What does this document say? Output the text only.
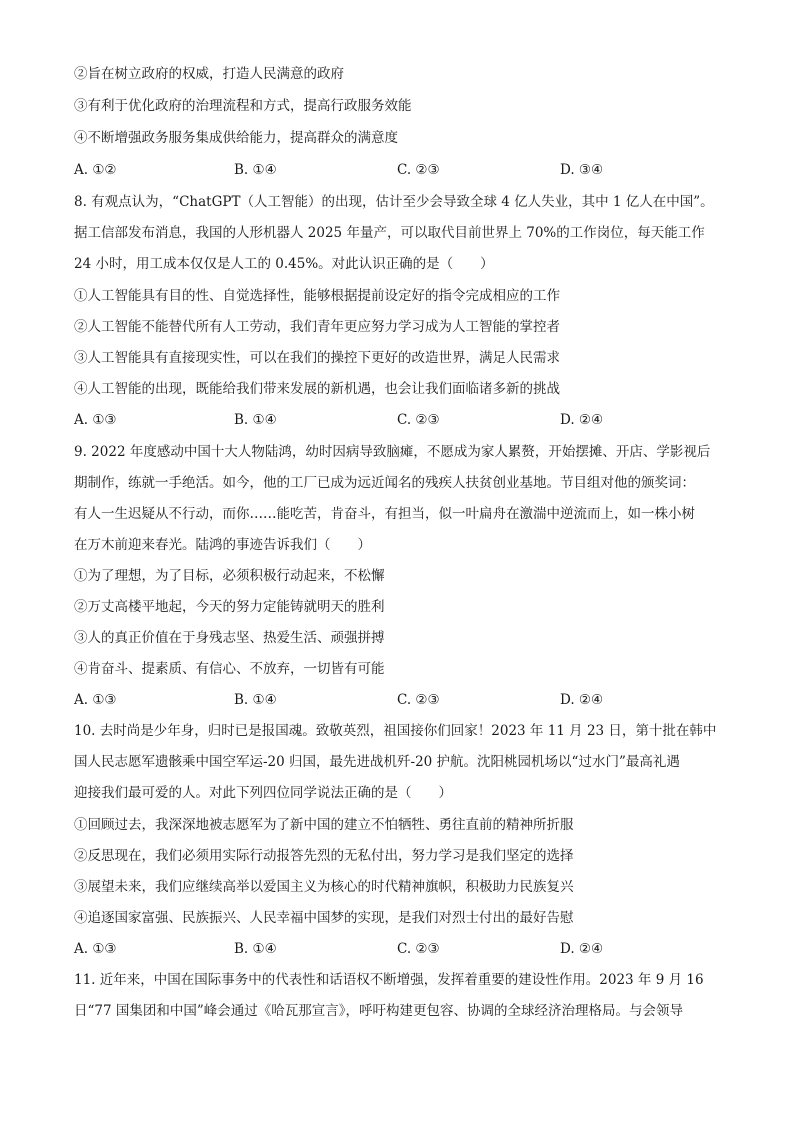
②旨在树立政府的权威，打造人民满意的政府
③有利于优化政府的治理流程和方式，提高行政服务效能
④不断增强政务服务集成供给能力，提高群众的满意度
A. ①②	B. ①④	C. ②③	D. ③④
8. 有观点认为，“ChatGPT（人工智能）的出现，估计至少会导致全球 4 亿人失业，其中 1 亿人在中国”。
据工信部发布消息，我国的人形机器人 2025 年量产，可以取代目前世界上 70%的工作岗位，每天能工作
24 小时，用工成本仅仅是人工的 0.45%。对此认识正确的是（　　）
①人工智能具有目的性、自觉选择性，能够根据提前设定好的指令完成相应的工作
②人工智能不能替代所有人工劳动，我们青年更应努力学习成为人工智能的掌控者
③人工智能具有直接现实性，可以在我们的操控下更好的改造世界，满足人民需求
④人工智能的出现，既能给我们带来发展的新机遇，也会让我们面临诸多新的挑战
A. ①③	B. ①④	C. ②③	D. ②④
9. 2022 年度感动中国十大人物陆鸿，幼时因病导致脑瘫，不愿成为家人累赘，开始摆摊、开店、学影视后
期制作，练就一手绝活。如今，他的工厂已成为远近闻名的残疾人扶贫创业基地。节目组对他的颁奖词：
有人一生迟疑从不行动，而你……能吃苦，肯奋斗，有担当，似一叶扁舟在激湍中逆流而上，如一株小树
在万木前迎来春光。陆鸿的事迹告诉我们（　　）
①为了理想，为了目标，必须积极行动起来，不松懈
②万丈高楼平地起，今天的努力定能铸就明天的胜利
③人的真正价值在于身残志坚、热爱生活、顽强拼搏
④肯奋斗、提素质、有信心、不放弃，一切皆有可能
A. ①③	B. ①④	C. ②③	D. ②④
10. 去时尚是少年身，归时已是报国魂。致敬英烈，祖国接你们回家！2023 年 11 月 23 日，第十批在韩中
国人民志愿军遗骸乘中国空军运-20 归国，最先进战机歼-20 护航。沈阳桃园机场以“过水门”最高礼遇
迎接我们最可爱的人。对此下列四位同学说法正确的是（　　）
①回顾过去，我深深地被志愿军为了新中国的建立不怕牺牲、勇往直前的精神所折服
②反思现在，我们必须用实际行动报答先烈的无私付出，努力学习是我们坚定的选择
③展望未来，我们应继续高举以爱国主义为核心的时代精神旗帜，积极助力民族复兴
④追逐国家富强、民族振兴、人民幸福中国梦的实现，是我们对烈士付出的最好告慰
A. ①③	B. ①④	C. ②③	D. ②④
11. 近年来，中国在国际事务中的代表性和话语权不断增强，发挥着重要的建设性作用。2023 年 9 月 16
日“77 国集团和中国”峰会通过《哈瓦那宣言》，呼吁构建更包容、协调的全球经济治理格局。与会领导
